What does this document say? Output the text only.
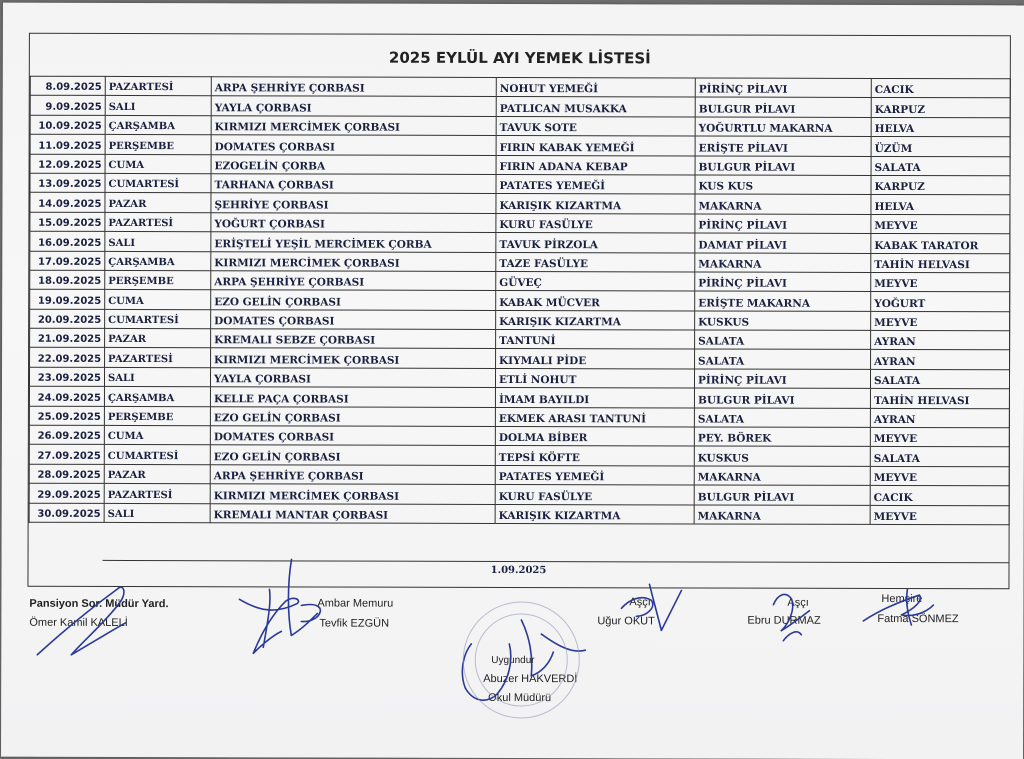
2025 EYLÜL AYI YEMEK LİSTESİ
8.09.2025	PAZARTESİ	ARPA ŞEHRİYE ÇORBASI	NOHUT YEMEĞİ	PİRİNÇ PİLAVI	CACIK
9.09.2025	SALI	YAYLA ÇORBASI	PATLICAN MUSAKKA	BULGUR PİLAVI	KARPUZ
10.09.2025	ÇARŞAMBA	KIRMIZI MERCİMEK ÇORBASI	TAVUK SOTE	YOĞURTLU MAKARNA	HELVA
11.09.2025	PERŞEMBE	DOMATES ÇORBASI	FIRIN KABAK YEMEĞİ	ERİŞTE PİLAVI	ÜZÜM
12.09.2025	CUMA	EZOGELİN ÇORBA	FIRIN ADANA KEBAP	BULGUR PİLAVI	SALATA
13.09.2025	CUMARTESİ	TARHANA ÇORBASI	PATATES YEMEĞİ	KUS KUS	KARPUZ
14.09.2025	PAZAR	ŞEHRİYE ÇORBASI	KARIŞIK KIZARTMA	MAKARNA	HELVA
15.09.2025	PAZARTESİ	YOĞURT ÇORBASI	KURU FASÜLYE	PİRİNÇ PİLAVI	MEYVE
16.09.2025	SALI	ERİŞTELİ YEŞİL MERCİMEK ÇORBA	TAVUK PİRZOLA	DAMAT PİLAVI	KABAK TARATOR
17.09.2025	ÇARŞAMBA	KIRMIZI MERCİMEK ÇORBASI	TAZE FASÜLYE	MAKARNA	TAHİN HELVASI
18.09.2025	PERŞEMBE	ARPA ŞEHRİYE ÇORBASI	GÜVEÇ	PİRİNÇ PİLAVI	MEYVE
19.09.2025	CUMA	EZO GELİN ÇORBASI	KABAK MÜCVER	ERİŞTE MAKARNA	YOĞURT
20.09.2025	CUMARTESİ	DOMATES ÇORBASI	KARIŞIK KIZARTMA	KUSKUS	MEYVE
21.09.2025	PAZAR	KREMALI SEBZE ÇORBASI	TANTUNİ	SALATA	AYRAN
22.09.2025	PAZARTESİ	KIRMIZI MERCİMEK ÇORBASI	KIYMALI PİDE	SALATA	AYRAN
23.09.2025	SALI	YAYLA ÇORBASI	ETLİ NOHUT	PİRİNÇ PİLAVI	SALATA
24.09.2025	ÇARŞAMBA	KELLE PAÇA ÇORBASI	İMAM BAYILDI	BULGUR PİLAVI	TAHİN HELVASI
25.09.2025	PERŞEMBE	EZO GELİN ÇORBASI	EKMEK ARASI TANTUNİ	SALATA	AYRAN
26.09.2025	CUMA	DOMATES ÇORBASI	DOLMA BİBER	PEY. BÖREK	MEYVE
27.09.2025	CUMARTESİ	EZO GELİN ÇORBASI	TEPSİ KÖFTE	KUSKUS	SALATA
28.09.2025	PAZAR	ARPA ŞEHRİYE ÇORBASI	PATATES YEMEĞİ	MAKARNA	MEYVE
29.09.2025	PAZARTESİ	KIRMIZI MERCİMEK ÇORBASI	KURU FASÜLYE	BULGUR PİLAVI	CACIK
30.09.2025	SALI	KREMALI MANTAR ÇORBASI	KARIŞIK KIZARTMA	MAKARNA	MEYVE
1.09.2025
Pansiyon Sor. Müdür Yard.
Ömer Kamil KALELİ
Ambar Memuru
Tevfik EZGÜN
Aşçı
Uğur OKUT
Aşçı
Ebru DURMAZ
Hemşire
Fatma SÖNMEZ
Uygundur
Abuzer HAKVERDİ
Okul Müdürü
